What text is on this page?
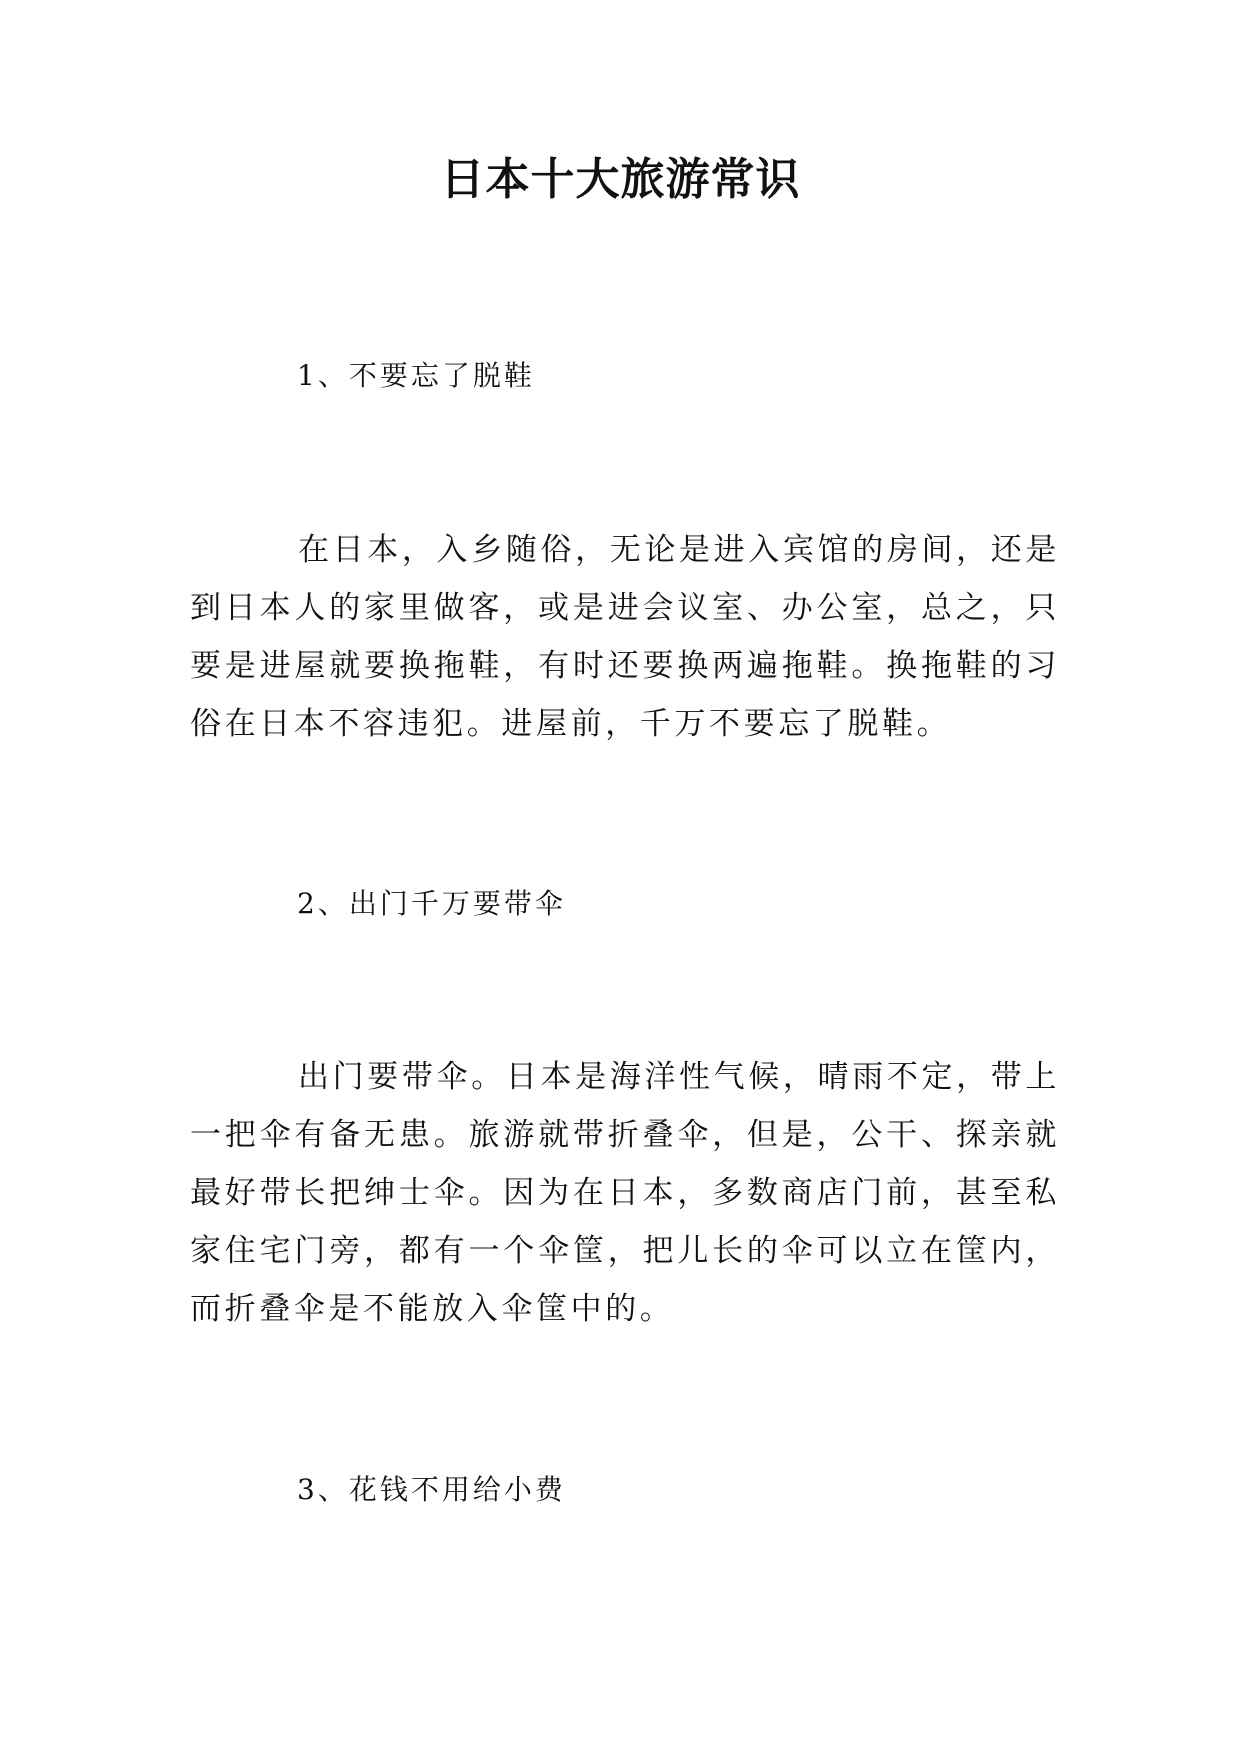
日本十大旅游常识
1、不要忘了脱鞋

在日本，入乡随俗，无论是进入宾馆的房间，还是到日本人的家里做客，或是进会议室、办公室，总之，只要是进屋就要换拖鞋，有时还要换两遍拖鞋。换拖鞋的习俗在日本不容违犯。进屋前，千万不要忘了脱鞋。

2、出门千万要带伞

出门要带伞。日本是海洋性气候，晴雨不定，带上一把伞有备无患。旅游就带折叠伞，但是，公干、探亲就最好带长把绅士伞。因为在日本，多数商店门前，甚至私家住宅门旁，都有一个伞筐，把儿长的伞可以立在筐内，而折叠伞是不能放入伞筐中的。

3、花钱不用给小费
